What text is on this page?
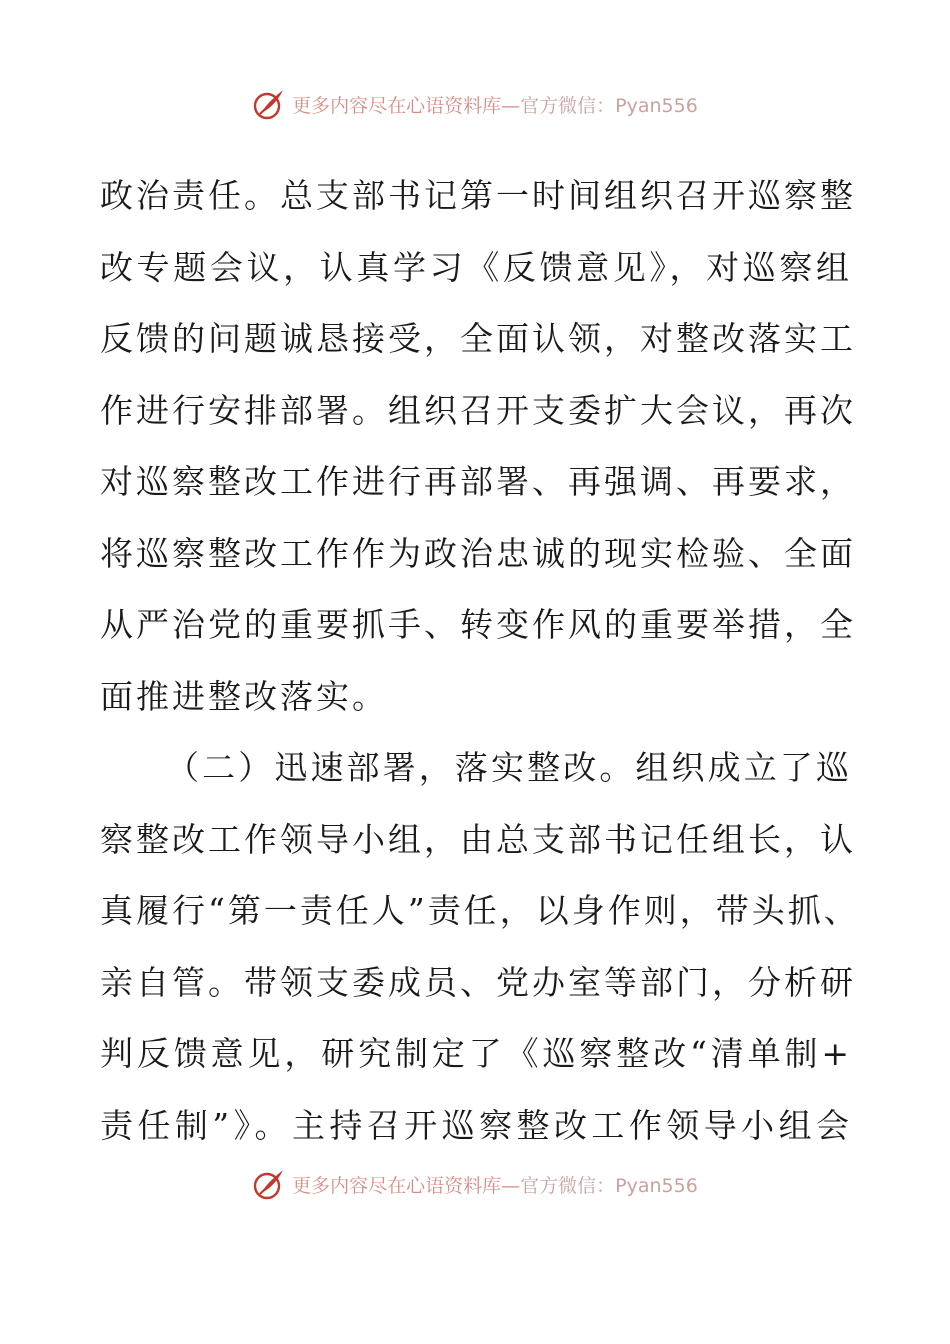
更多内容尽在心语资料库— 官方微信：Pyan556
政治责任。总支部书记第一时间组织召开巡察整
改专题会议，认真学习《反馈意见》，对巡察组
反馈的问题诚恳接受，全面认领，对整改落实工
作进行安排部署。组织召开支委扩大会议，再次
对巡察整改工作进行再部署、再强调、再要求，
将巡察整改工作作为政治忠诚的现实检验、全面
从严治党的重要抓手、转变作风的重要举措，全
面推进整改落实。
（二）迅速部署，落实整改。组织成立了巡
察整改工作领导小组，由总支部书记任组长，认
真履行“第一责任人”责任，以身作则，带头抓、
亲自管。带领支委成员、党办室等部门，分析研
判反馈意见，研究制定了《巡察整改“清单制+
责任制”》。主持召开巡察整改工作领导小组会
更多内容尽在心语资料库— 官方微信：Pyan556
